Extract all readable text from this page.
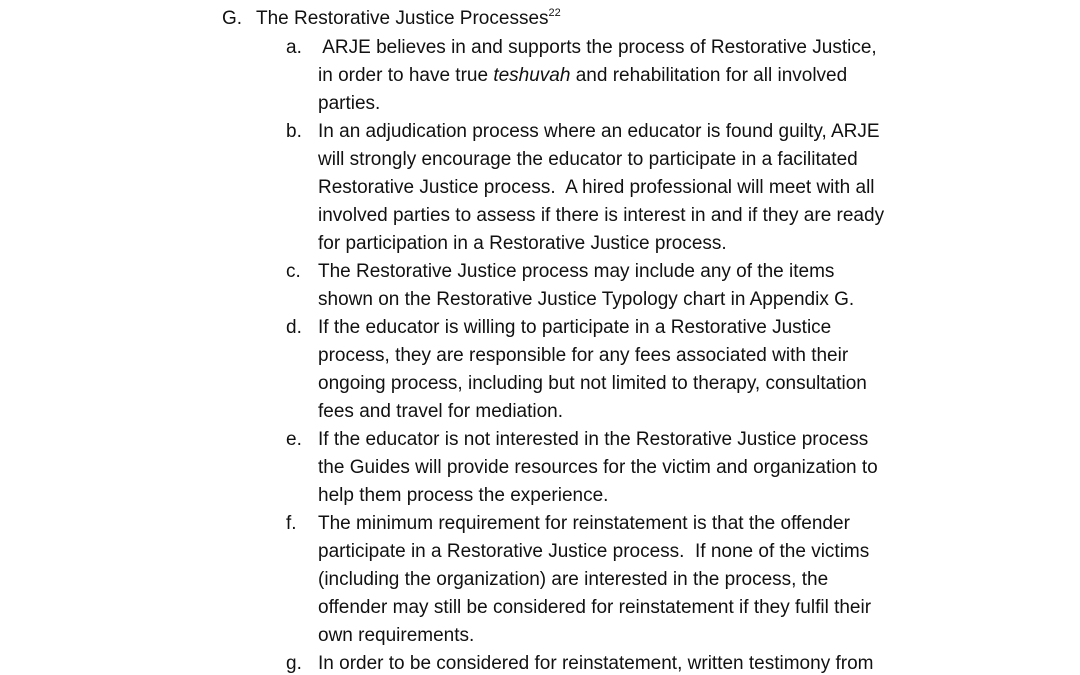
G. The Restorative Justice Processes$^{22}$
a. ARJE believes in and supports the process of Restorative Justice,
in order to have true teshuvah and rehabilitation for all involved
parties.
b. In an adjudication process where an educator is found guilty, ARJE
will strongly encourage the educator to participate in a facilitated
Restorative Justice process.  A hired professional will meet with all
involved parties to assess if there is interest in and if they are ready
for participation in a Restorative Justice process.
c. The Restorative Justice process may include any of the items
shown on the Restorative Justice Typology chart in Appendix G.
d. If the educator is willing to participate in a Restorative Justice
process, they are responsible for any fees associated with their
ongoing process, including but not limited to therapy, consultation
fees and travel for mediation.
e. If the educator is not interested in the Restorative Justice process
the Guides will provide resources for the victim and organization to
help them process the experience.
f.	The minimum requirement for reinstatement is that the offender
participate in a Restorative Justice process.  If none of the victims
(including the organization) are interested in the process, the
offender may still be considered for reinstatement if they fulfil their
own requirements.
g. In order to be considered for reinstatement, written testimony from
